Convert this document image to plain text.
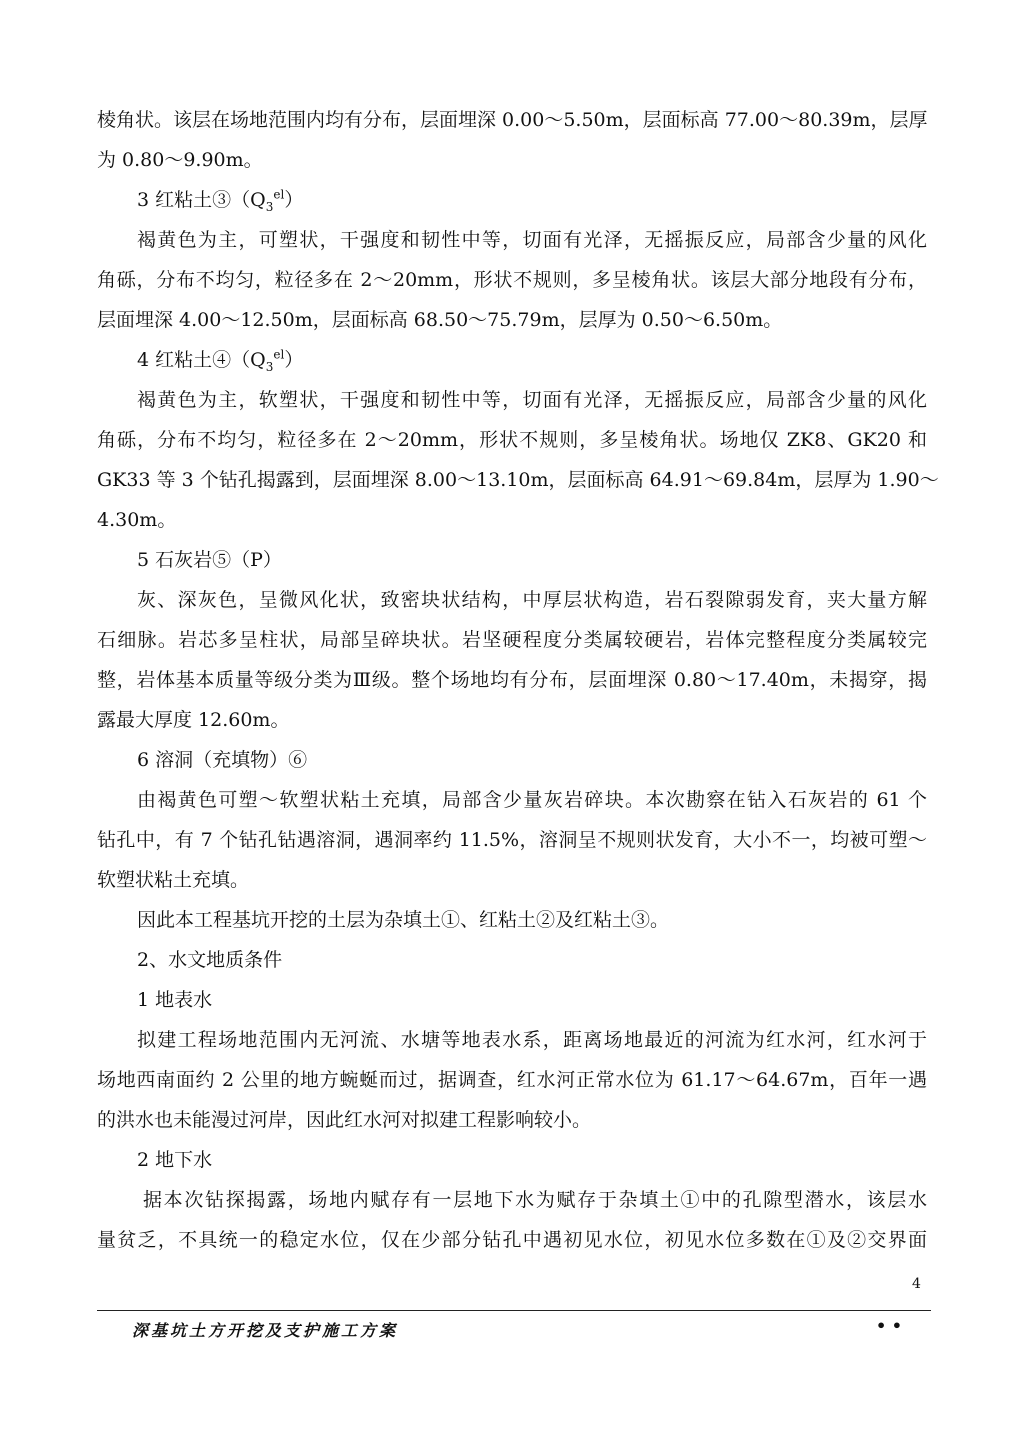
棱角状。该层在场地范围内均有分布，层面埋深 0.00～5.50m，层面标高 77.00～80.39m，层厚
为 0.80～9.90m。
3 红粘土$③(Q_3^{el})$
褐黄色为主，可塑状，干强度和韧性中等，切面有光泽，无摇振反应，局部含少量的风化
角砾，分布不均匀，粒径多在 2～20mm，形状不规则，多呈棱角状。该层大部分地段有分布，
层面埋深 4.00～12.50m，层面标高 68.50～75.79m，层厚为 0.50～6.50m。
4 红粘土$④(Q_3^{el})$
褐黄色为主，软塑状，干强度和韧性中等，切面有光泽，无摇振反应，局部含少量的风化
角砾，分布不均匀，粒径多在 2～20mm，形状不规则，多呈棱角状。场地仅 ZK8、GK20 和
GK33 等 3 个钻孔揭露到，层面埋深 8.00～13.10m，层面标高 64.91～69.84m，层厚为 1.90～
4.30m。
5 石灰岩⑤（P）
灰、深灰色，呈微风化状，致密块状结构，中厚层状构造，岩石裂隙弱发育，夹大量方解
石细脉。岩芯多呈柱状，局部呈碎块状。岩坚硬程度分类属较硬岩，岩体完整程度分类属较完
整，岩体基本质量等级分类为Ⅲ级。整个场地均有分布，层面埋深 0.80～17.40m，未揭穿，揭
露最大厚度 12.60m。
6 溶洞（充填物）⑥
由褐黄色可塑～软塑状粘土充填，局部含少量灰岩碎块。本次勘察在钻入石灰岩的 61 个
钻孔中，有 7 个钻孔钻遇溶洞，遇洞率约 11.5%，溶洞呈不规则状发育，大小不一，均被可塑～
软塑状粘土充填。
因此本工程基坑开挖的土层为杂填土①、红粘土②及红粘土③。
2、水文地质条件
1 地表水
拟建工程场地范围内无河流、水塘等地表水系，距离场地最近的河流为红水河，红水河于
场地西南面约 2 公里的地方蜿蜒而过，据调查，红水河正常水位为 61.17～64.67m，百年一遇
的洪水也未能漫过河岸，因此红水河对拟建工程影响较小。
2 地下水
据本次钻探揭露，场地内赋存有一层地下水为赋存于杂填土①中的孔隙型潜水，该层水
量贫乏，不具统一的稳定水位，仅在少部分钻孔中遇初见水位，初见水位多数在①及②交界面
4
深基坑土方开挖及支护施工方案	• •
